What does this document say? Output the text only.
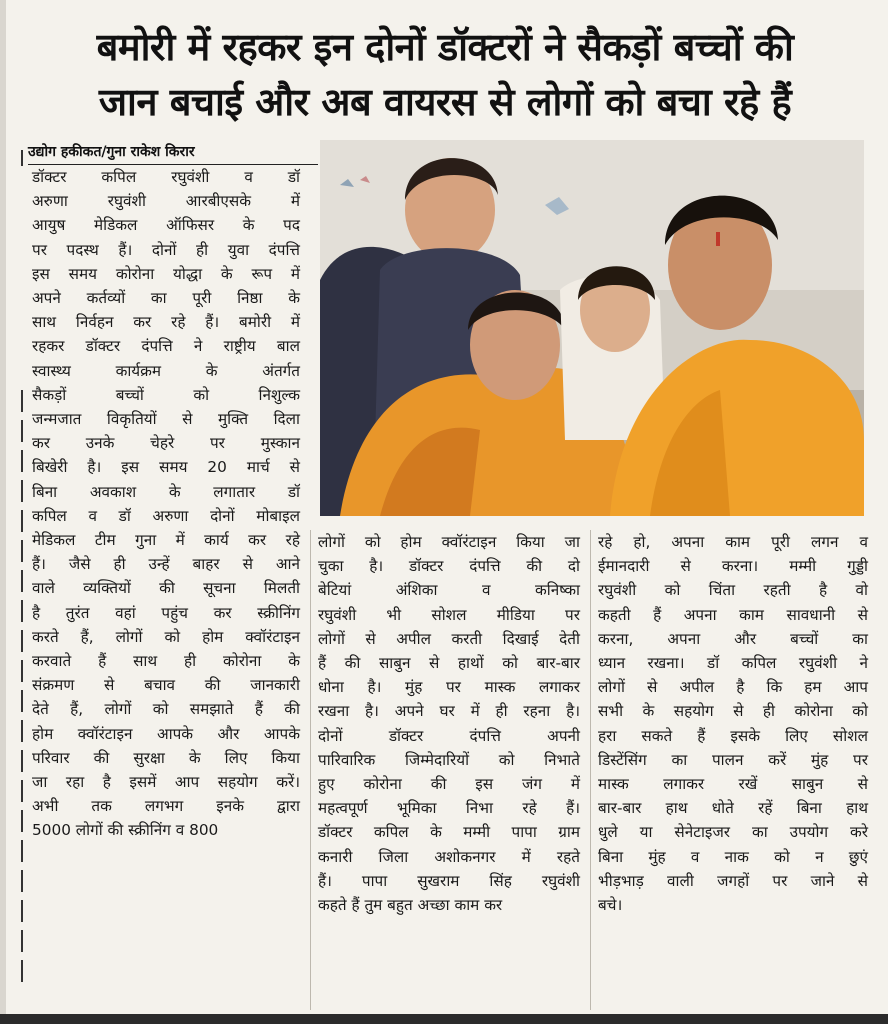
बमोरी में रहकर इन दोनों डॉक्टरों ने सैकड़ों बच्चों की
जान बचाई और अब वायरस से लोगों को बचा रहे हैं
उद्योग हकीकत/गुना राकेश किरार
डॉक्टर कपिल रघुवंशी व डॉ
अरुणा रघुवंशी आरबीएसके में
आयुष मेडिकल ऑफिसर के पद
पर पदस्थ हैं। दोनों ही युवा दंपत्ति
इस समय कोरोना योद्धा के रूप में
अपने कर्तव्यों का पूरी निष्ठा के
साथ निर्वहन कर रहे हैं। बमोरी में
रहकर डॉक्टर दंपत्ति ने राष्ट्रीय बाल
स्वास्थ्य कार्यक्रम के अंतर्गत
सैकड़ों बच्चों को निशुल्क
जन्मजात विकृतियों से मुक्ति दिला
कर उनके चेहरे पर मुस्कान
बिखेरी है। इस समय 20 मार्च से
बिना अवकाश के लगातार डॉ
कपिल व डॉ अरुणा दोनों मोबाइल
मेडिकल टीम गुना में कार्य कर रहे
हैं। जैसे ही उन्हें बाहर से आने
वाले व्यक्तियों की सूचना मिलती
है तुरंत वहां पहुंच कर स्क्रीनिंग
करते हैं, लोगों को होम क्वॉरंटाइन
करवाते हैं साथ ही कोरोना के
संक्रमण से बचाव की जानकारी
देते हैं, लोगों को समझाते हैं की
होम क्वॉरंटाइन आपके और आपके
परिवार की सुरक्षा के लिए किया
जा रहा है इसमें आप सहयोग करें।
अभी तक लगभग इनके द्वारा
5000 लोगों की स्क्रीनिंग व 800
लोगों को होम क्वॉरंटाइन किया जा
चुका है। डॉक्टर दंपत्ति की दो
बेटियां अंशिका व कनिष्का
रघुवंशी भी सोशल मीडिया पर
लोगों से अपील करती दिखाई देती
हैं की साबुन से हाथों को बार-बार
धोना है। मुंह पर मास्क लगाकर
रखना है। अपने घर में ही रहना है।
दोनों डॉक्टर दंपत्ति अपनी
पारिवारिक जिम्मेदारियों को निभाते
हुए कोरोना की इस जंग में
महत्वपूर्ण भूमिका निभा रहे हैं।
डॉक्टर कपिल के मम्मी पापा ग्राम
कनारी जिला अशोकनगर में रहते
हैं। पापा सुखराम सिंह रघुवंशी
कहते हैं तुम बहुत अच्छा काम कर
रहे हो, अपना काम पूरी लगन व
ईमानदारी से करना। मम्मी गुड्डी
रघुवंशी को चिंता रहती है वो
कहती हैं अपना काम सावधानी से
करना, अपना और बच्चों का
ध्यान रखना। डॉ कपिल रघुवंशी ने
लोगों से अपील है कि हम आप
सभी के सहयोग से ही कोरोना को
हरा सकते हैं इसके लिए सोशल
डिस्टेंसिंग का पालन करें मुंह पर
मास्क लगाकर रखें साबुन से
बार-बार हाथ धोते रहें बिना हाथ
धुले या सेनेटाइजर का उपयोग करे
बिना मुंह व नाक को न छुएं
भीड़भाड़ वाली जगहों पर जाने से
बचे।
